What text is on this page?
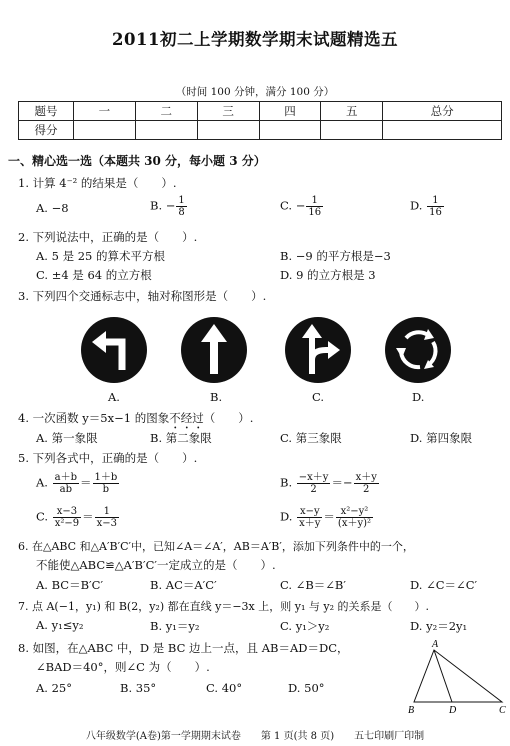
2011初二上学期数学期末试题精选五
（时间 100 分钟，满分 100 分）
题号	一	二	三	四	五	总分
得分						
一、精心选一选（本题共 30 分，每小题 3 分）
1. 计算 4⁻² 的结果是（　　）.
A. −8	B. − $\frac{1}{8}$	C. − $\frac{1}{16}$	D. $\frac{1}{16}$
2. 下列说法中，正确的是（　　）.
A. 5 是 25 的算术平方根	B. −9 的平方根是−3
C. ±4 是 64 的立方根	D. 9 的立方根是 3
3. 下列四个交通标志中，轴对称图形是（　　）.
A.	B.	C.	D.
4. 一次函数 y＝5x−1 的图象不经过（　　）.
A. 第一象限	B. 第二象限	C. 第三象限	D. 第四象限
5. 下列各式中，正确的是（　　）.
A. $\frac{a+b}{ab} = \frac{1+b}{b}$	B. $\frac{-x+y}{2} =- \frac{x+y}{2}$
C. $\frac{x-3}{\text{x²−9}} = \frac{1}{x-3}$	D. $\frac{x-y}{x+y} = \frac{\text{x²−y²}}{\text{(x＋y)²}}$
6. 在△ABC 和△A′B′C′中，已知∠A＝∠A′，AB＝A′B′，添加下列条件中的一个，
不能使△ABC≌△A′B′C′一定成立的是（　　）.
A. BC＝B′C′	B. AC＝A′C′	C. ∠B＝∠B′	D. ∠C＝∠C′
7. 点 A(−1，y₁) 和 B(2，y₂) 都在直线 y＝−3x 上，则 y₁ 与 y₂ 的关系是（　　）.
A. y₁≤y₂	B. y₁＝y₂	C. y₁＞y₂	D. y₂＝2y₁
8. 如图，在△ABC 中，D 是 BC 边上一点，且 AB＝AD＝DC，
∠BAD＝40°，则∠C 为（　　）.
A. 25°	B. 35°	C. 40°	D. 50°
A
B	D	C
八年级数学(A卷)第一学期期末试卷　　第 1 页(共 8 页)　　五七印刷厂印制
